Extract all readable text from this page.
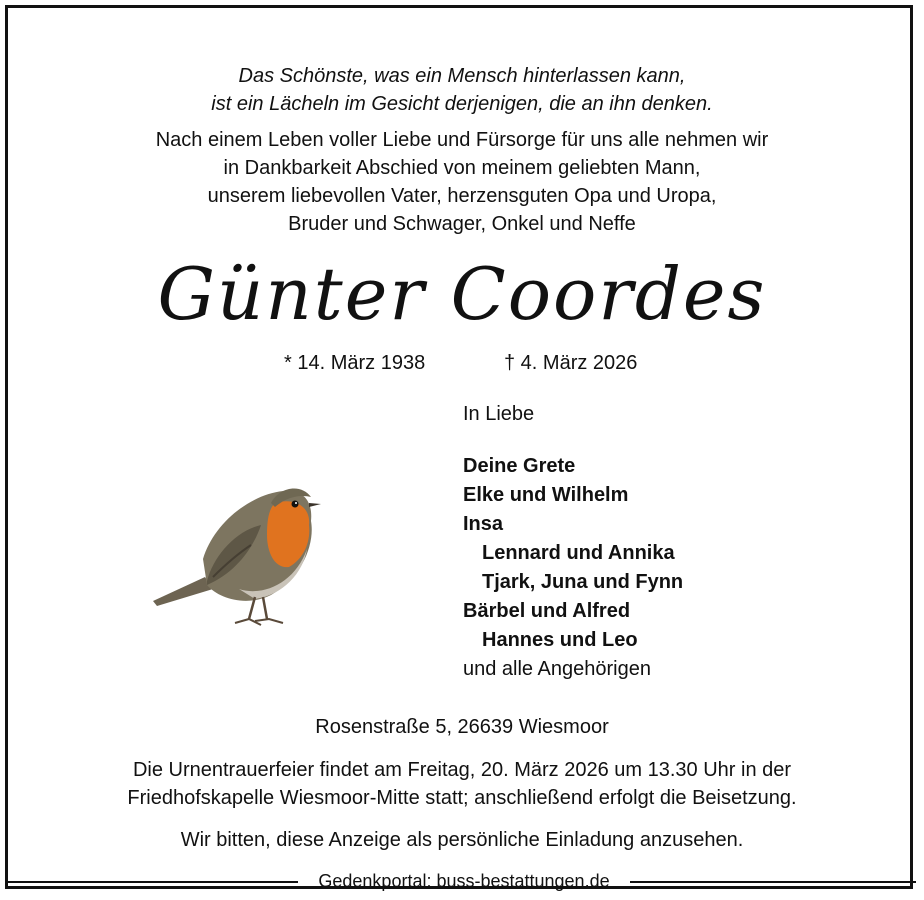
Das Schönste, was ein Mensch hinterlassen kann,
ist ein Lächeln im Gesicht derjenigen, die an ihn denken.
Nach einem Leben voller Liebe und Fürsorge für uns alle nehmen wir
in Dankbarkeit Abschied von meinem geliebten Mann,
unserem liebevollen Vater, herzensguten Opa und Uropa,
Bruder und Schwager, Onkel und Neffe
Günter Coordes
* 14. März 1938	† 4. März 2026
In Liebe
Deine Grete
Elke und Wilhelm
Insa
Lennard und Annika
Tjark, Juna und Fynn
Bärbel und Alfred
Hannes und Leo
und alle Angehörigen
Rosenstraße 5, 26639 Wiesmoor
Die Urnentrauerfeier findet am Freitag, 20. März 2026 um 13.30 Uhr in der
Friedhofskapelle Wiesmoor-Mitte statt; anschließend erfolgt die Beisetzung.
Wir bitten, diese Anzeige als persönliche Einladung anzusehen.
Gedenkportal: buss-bestattungen.de
